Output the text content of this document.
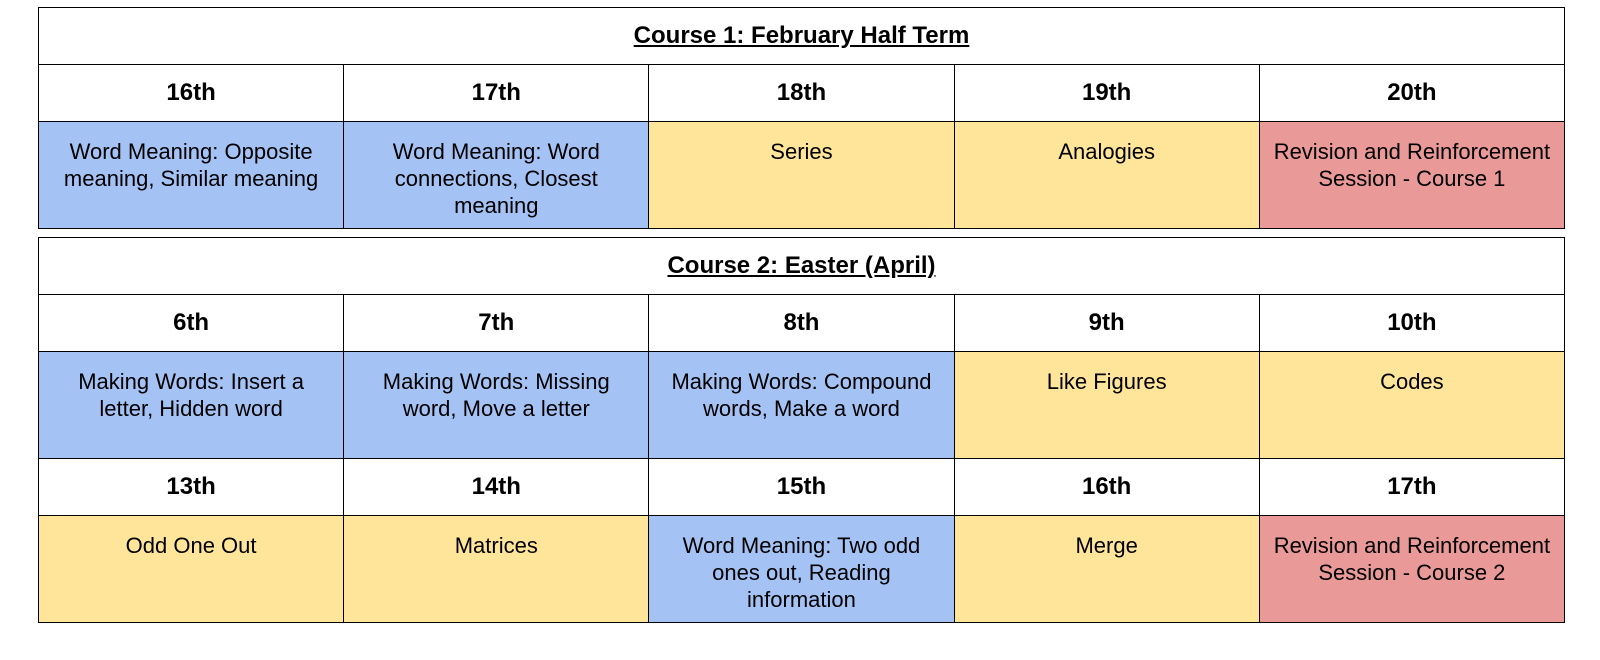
Course 1: February Half Term				
16th	17th	18th	19th	20th
Word Meaning: Opposite meaning, Similar meaning	Word Meaning: Word connections, Closest meaning	Series	Analogies	Revision and Reinforcement Session - Course 1
Course 2: Easter (April)				
6th	7th	8th	9th	10th
Making Words: Insert a letter, Hidden word	Making Words: Missing word, Move a letter	Making Words: Compound words, Make a word	Like Figures	Codes
13th	14th	15th	16th	17th
Odd One Out	Matrices	Word Meaning: Two odd ones out, Reading information	Merge	Revision and Reinforcement Session - Course 2
